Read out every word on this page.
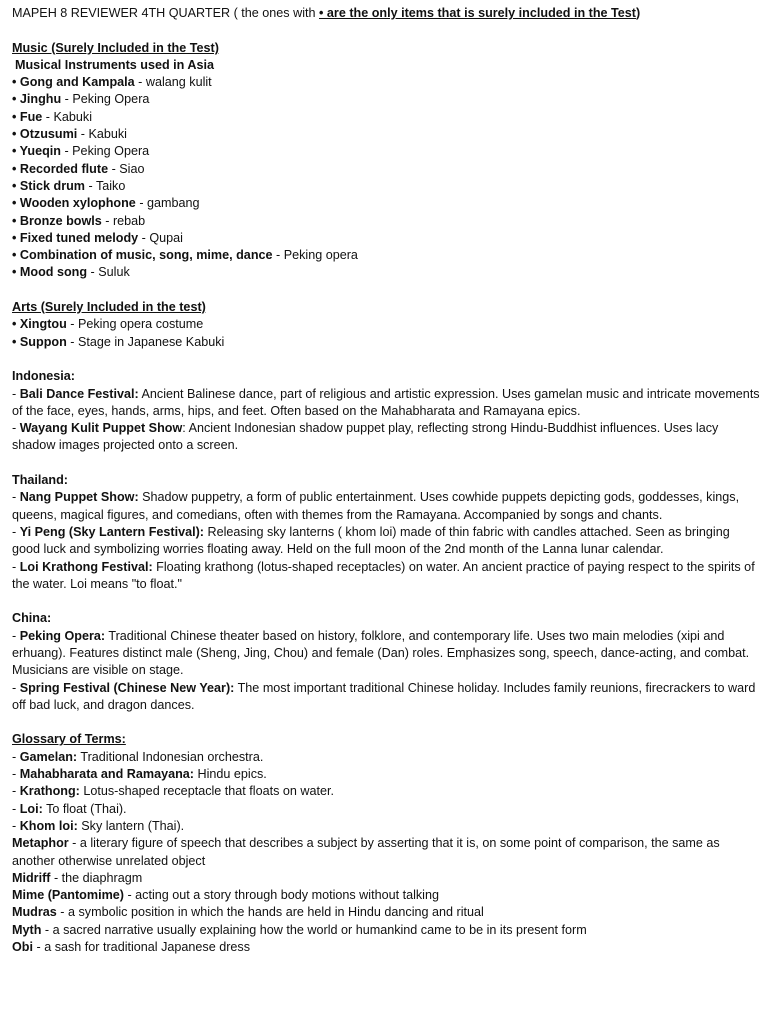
MAPEH 8 REVIEWER 4TH QUARTER ( the ones with • are the only items that is surely included in the Test)
Music (Surely Included in the Test)
Musical Instruments used in Asia
• Gong and Kampala - walang kulit
• Jinghu - Peking Opera
• Fue - Kabuki
• Otzusumi - Kabuki
• Yueqin - Peking Opera
• Recorded flute - Siao
• Stick drum - Taiko
• Wooden xylophone - gambang
• Bronze bowls - rebab
• Fixed tuned melody - Qupai
• Combination of music, song, mime, dance - Peking opera
• Mood song - Suluk
Arts (Surely Included in the test)
• Xingtou - Peking opera costume
• Suppon - Stage in Japanese Kabuki
Indonesia:
- Bali Dance Festival: Ancient Balinese dance, part of religious and artistic expression. Uses gamelan music and intricate movements of the face, eyes, hands, arms, hips, and feet. Often based on the Mahabharata and Ramayana epics.
- Wayang Kulit Puppet Show: Ancient Indonesian shadow puppet play, reflecting strong Hindu-Buddhist influences. Uses lacy shadow images projected onto a screen.
Thailand:
- Nang Puppet Show: Shadow puppetry, a form of public entertainment. Uses cowhide puppets depicting gods, goddesses, kings, queens, magical figures, and comedians, often with themes from the Ramayana. Accompanied by songs and chants.
- Yi Peng (Sky Lantern Festival): Releasing sky lanterns ( khom loi) made of thin fabric with candles attached. Seen as bringing good luck and symbolizing worries floating away. Held on the full moon of the 2nd month of the Lanna lunar calendar.
- Loi Krathong Festival: Floating krathong (lotus-shaped receptacles) on water. An ancient practice of paying respect to the spirits of the water. Loi means "to float."
China:
- Peking Opera: Traditional Chinese theater based on history, folklore, and contemporary life. Uses two main melodies (xipi and erhuang). Features distinct male (Sheng, Jing, Chou) and female (Dan) roles. Emphasizes song, speech, dance-acting, and combat. Musicians are visible on stage.
- Spring Festival (Chinese New Year): The most important traditional Chinese holiday. Includes family reunions, firecrackers to ward off bad luck, and dragon dances.
Glossary of Terms:
- Gamelan: Traditional Indonesian orchestra.
- Mahabharata and Ramayana: Hindu epics.
- Krathong: Lotus-shaped receptacle that floats on water.
- Loi: To float (Thai).
- Khom loi: Sky lantern (Thai).
Metaphor - a literary figure of speech that describes a subject by asserting that it is, on some point of comparison, the same as another otherwise unrelated object
Midriff - the diaphragm
Mime (Pantomime) - acting out a story through body motions without talking
Mudras - a symbolic position in which the hands are held in Hindu dancing and ritual
Myth - a sacred narrative usually explaining how the world or humankind came to be in its present form
Obi - a sash for traditional Japanese dress
